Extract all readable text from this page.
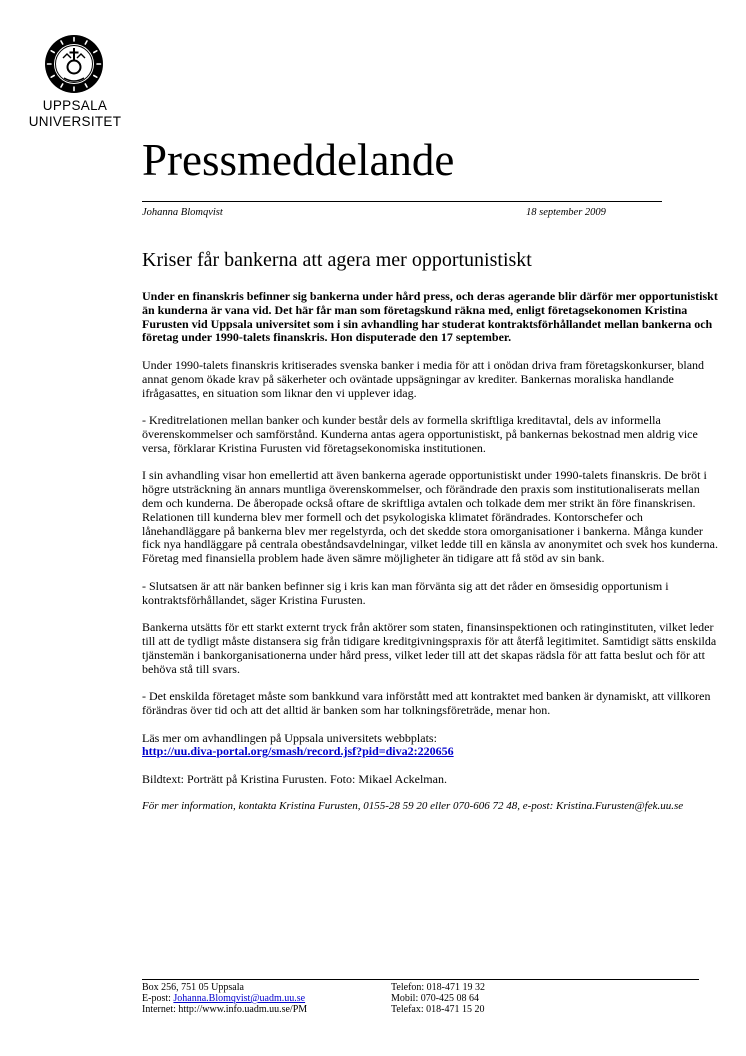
UPPSALA
UNIVERSITET
Pressmeddelande
Johanna Blomqvist	18 september 2009
Kriser får bankerna att agera mer opportunistiskt

Under en finanskris befinner sig bankerna under hård press, och deras agerande blir därför mer opportunistiskt än kunderna är vana vid. Det här får man som företagskund räkna med, enligt företagsekonomen Kristina Furusten vid Uppsala universitet som i sin avhandling har studerat kontraktsförhållandet mellan bankerna och företag under 1990-talets finanskris. Hon disputerade den 17 september.

Under 1990-talets finanskris kritiserades svenska banker i media för att i onödan driva fram företagskonkurser, bland annat genom ökade krav på säkerheter och oväntade uppsägningar av krediter. Bankernas moraliska handlande ifrågasattes, en situation som liknar den vi upplever idag.

- Kreditrelationen mellan banker och kunder består dels av formella skriftliga kreditavtal, dels av informella överenskommelser och samförstånd. Kunderna antas agera opportunistiskt, på bankernas bekostnad men aldrig vice versa, förklarar Kristina Furusten vid företagsekonomiska institutionen.

I sin avhandling visar hon emellertid att även bankerna agerade opportunistiskt under 1990-talets finanskris. De bröt i högre utsträckning än annars muntliga överenskommelser, och förändrade den praxis som institutionaliserats mellan dem och kunderna. De åberopade också oftare de skriftliga avtalen och tolkade dem mer strikt än före finanskrisen. Relationen till kunderna blev mer formell och det psykologiska klimatet förändrades. Kontorschefer och lånehandläggare på bankerna blev mer regelstyrda, och det skedde stora omorganisationer i bankerna. Många kunder fick nya handläggare på centrala obeståndsavdelningar, vilket ledde till en känsla av anonymitet och svek hos kunderna. Företag med finansiella problem hade även sämre möjligheter än tidigare att få stöd av sin bank.

- Slutsatsen är att när banken befinner sig i kris kan man förvänta sig att det råder en ömsesidig opportunism i kontraktsförhållandet, säger Kristina Furusten.

Bankerna utsätts för ett starkt externt tryck från aktörer som staten, finansinspektionen och ratinginstituten, vilket leder till att de tydligt måste distansera sig från tidigare kreditgivningspraxis för att återfå legitimitet. Samtidigt sätts enskilda tjänstemän i bankorganisationerna under hård press, vilket leder till att det skapas rädsla för att fatta beslut och för att behöva stå till svars.

- Det enskilda företaget måste som bankkund vara införstått med att kontraktet med banken är dynamiskt, att villkoren förändras över tid och att det alltid är banken som har tolkningsföreträde, menar hon.

Läs mer om avhandlingen på Uppsala universitets webbplats:
http://uu.diva-portal.org/smash/record.jsf?pid=diva2:220656

Bildtext: Porträtt på Kristina Furusten. Foto: Mikael Ackelman.

För mer information, kontakta Kristina Furusten, 0155-28 59 20 eller 070-606 72 48, e-post: Kristina.Furusten@fek.uu.se

Box 256, 751 05 Uppsala
E-post: Johanna.Blomqvist@uadm.uu.se
Internet: http://www.info.uadm.uu.se/PM
Telefon: 018-471 19 32
Mobil: 070-425 08 64
Telefax: 018-471 15 20
